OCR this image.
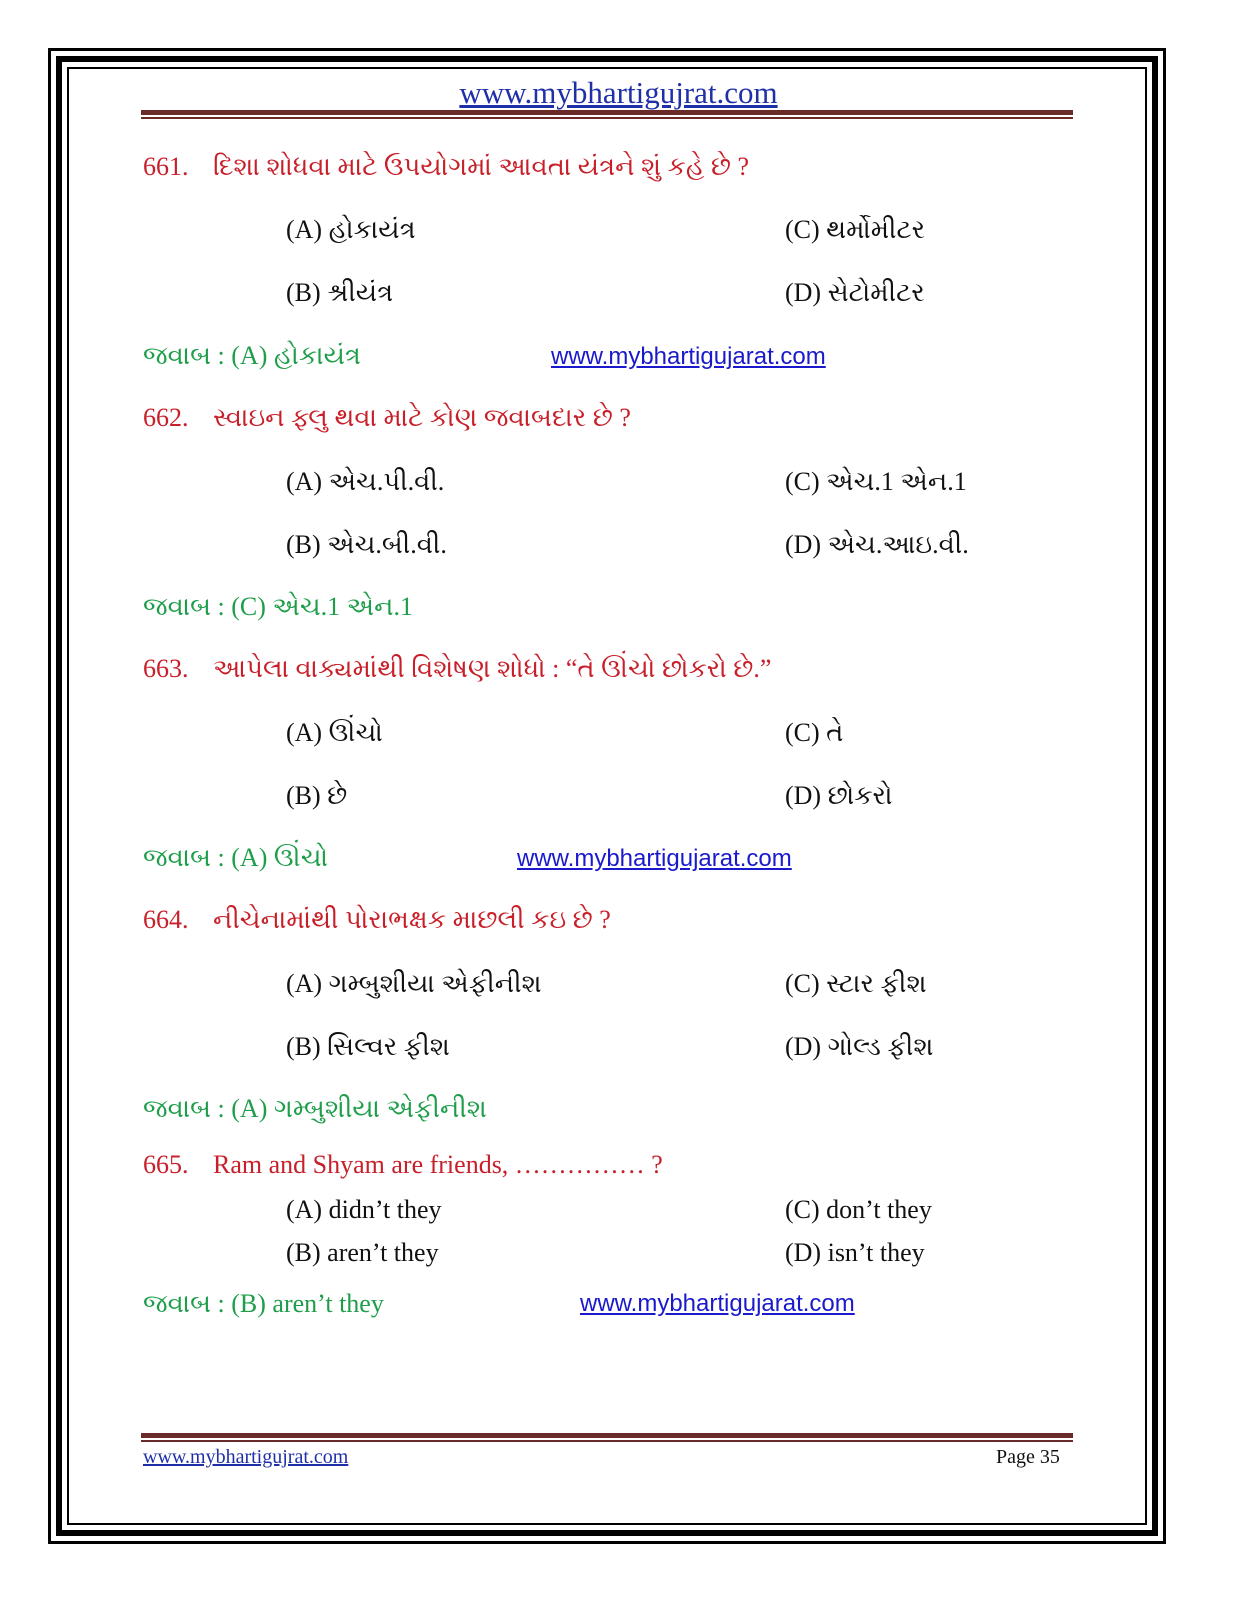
www.mybhartigujrat.com
661. દિશા શોધવા માટે ઉપયોગમાં આવતા યંત્રને શું કહે છે ?
(A) હોકાયંત્ર	(C) થર્મોમીટર
(B) શ્રીયંત્ર	(D) સેટોમીટર
જવાબ : (A) હોકાયંત્ર	www.mybhartigujarat.com
662. સ્વાઇન ફ્લુ થવા માટે કોણ જવાબદાર છે ?
(A) એચ.પી.વી.	(C) એચ.1 એન.1
(B) એચ.બી.વી.	(D) એચ.આઇ.વી.
જવાબ : (C) એચ.1 એન.1
663. આપેલા વાક્યમાંથી વિશેષણ શોધો : “તે ઊંચો છોકરો છે.”
(A) ઊંચો	(C) તે
(B) છે	(D) છોકરો
જવાબ : (A) ઊંચો	www.mybhartigujarat.com
664. નીચેનામાંથી પોરાભક્ષક માછલી કઇ છે ?
(A) ગમ્બુશીયા એફીનીશ	(C) સ્ટાર ફીશ
(B) સિલ્વર ફીશ	(D) ગોલ્ડ ફીશ
જવાબ : (A) ગમ્બુશીયા એફીનીશ
665. Ram and Shyam are friends, …………… ?
(A) didn’t they	(C) don’t they
(B) aren’t they	(D) isn’t they
જવાબ : (B) aren’t they	www.mybhartigujarat.com
www.mybhartigujrat.com	Page 35
